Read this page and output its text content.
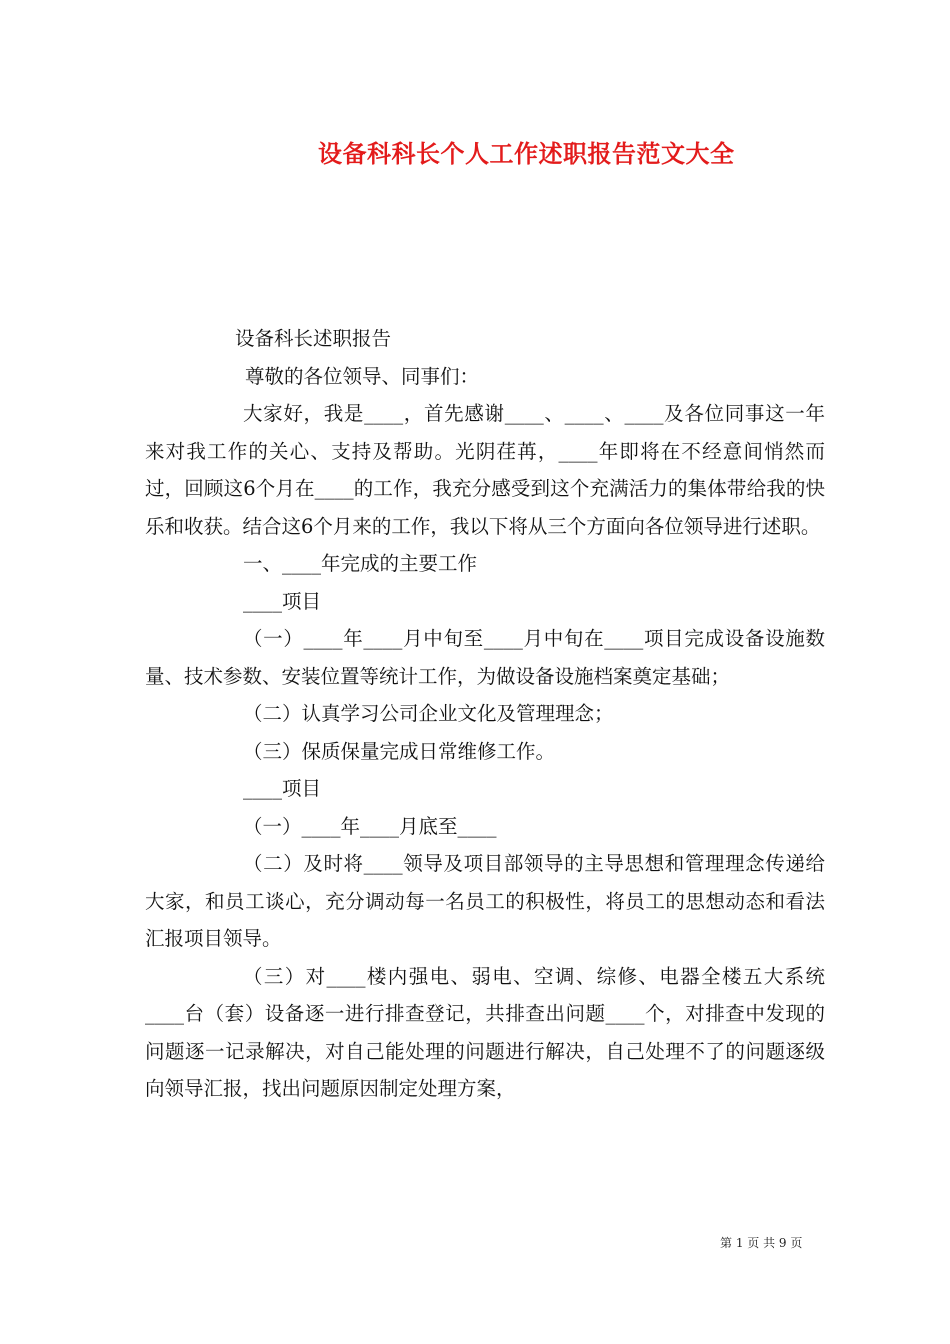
设备科科长个人工作述职报告范文大全

设备科长述职报告

尊敬的各位领导、同事们：

大家好，我是____，首先感谢____、____、____及各位同事这一年来对我工作的关心、支持及帮助。光阴荏苒，____年即将在不经意间悄然而过，回顾这6个月在____的工作，我充分感受到这个充满活力的集体带给我的快乐和收获。结合这6个月来的工作，我以下将从三个方面向各位领导进行述职。

一、____年完成的主要工作

____项目

（一）____年____月中旬至____月中旬在____项目完成设备设施数量、技术参数、安装位置等统计工作，为做设备设施档案奠定基础；

（二）认真学习公司企业文化及管理理念；

（三）保质保量完成日常维修工作。

____项目

（一）____年____月底至____

（二）及时将____领导及项目部领导的主导思想和管理理念传递给大家，和员工谈心，充分调动每一名员工的积极性，将员工的思想动态和看法汇报项目领导。

（三）对____楼内强电、弱电、空调、综修、电器全楼五大系统____台（套）设备逐一进行排查登记，共排查出问题____个，对排查中发现的问题逐一记录解决，对自己能处理的问题进行解决，自己处理不了的问题逐级向领导汇报，找出问题原因制定处理方案，

第 1 页 共 9 页
